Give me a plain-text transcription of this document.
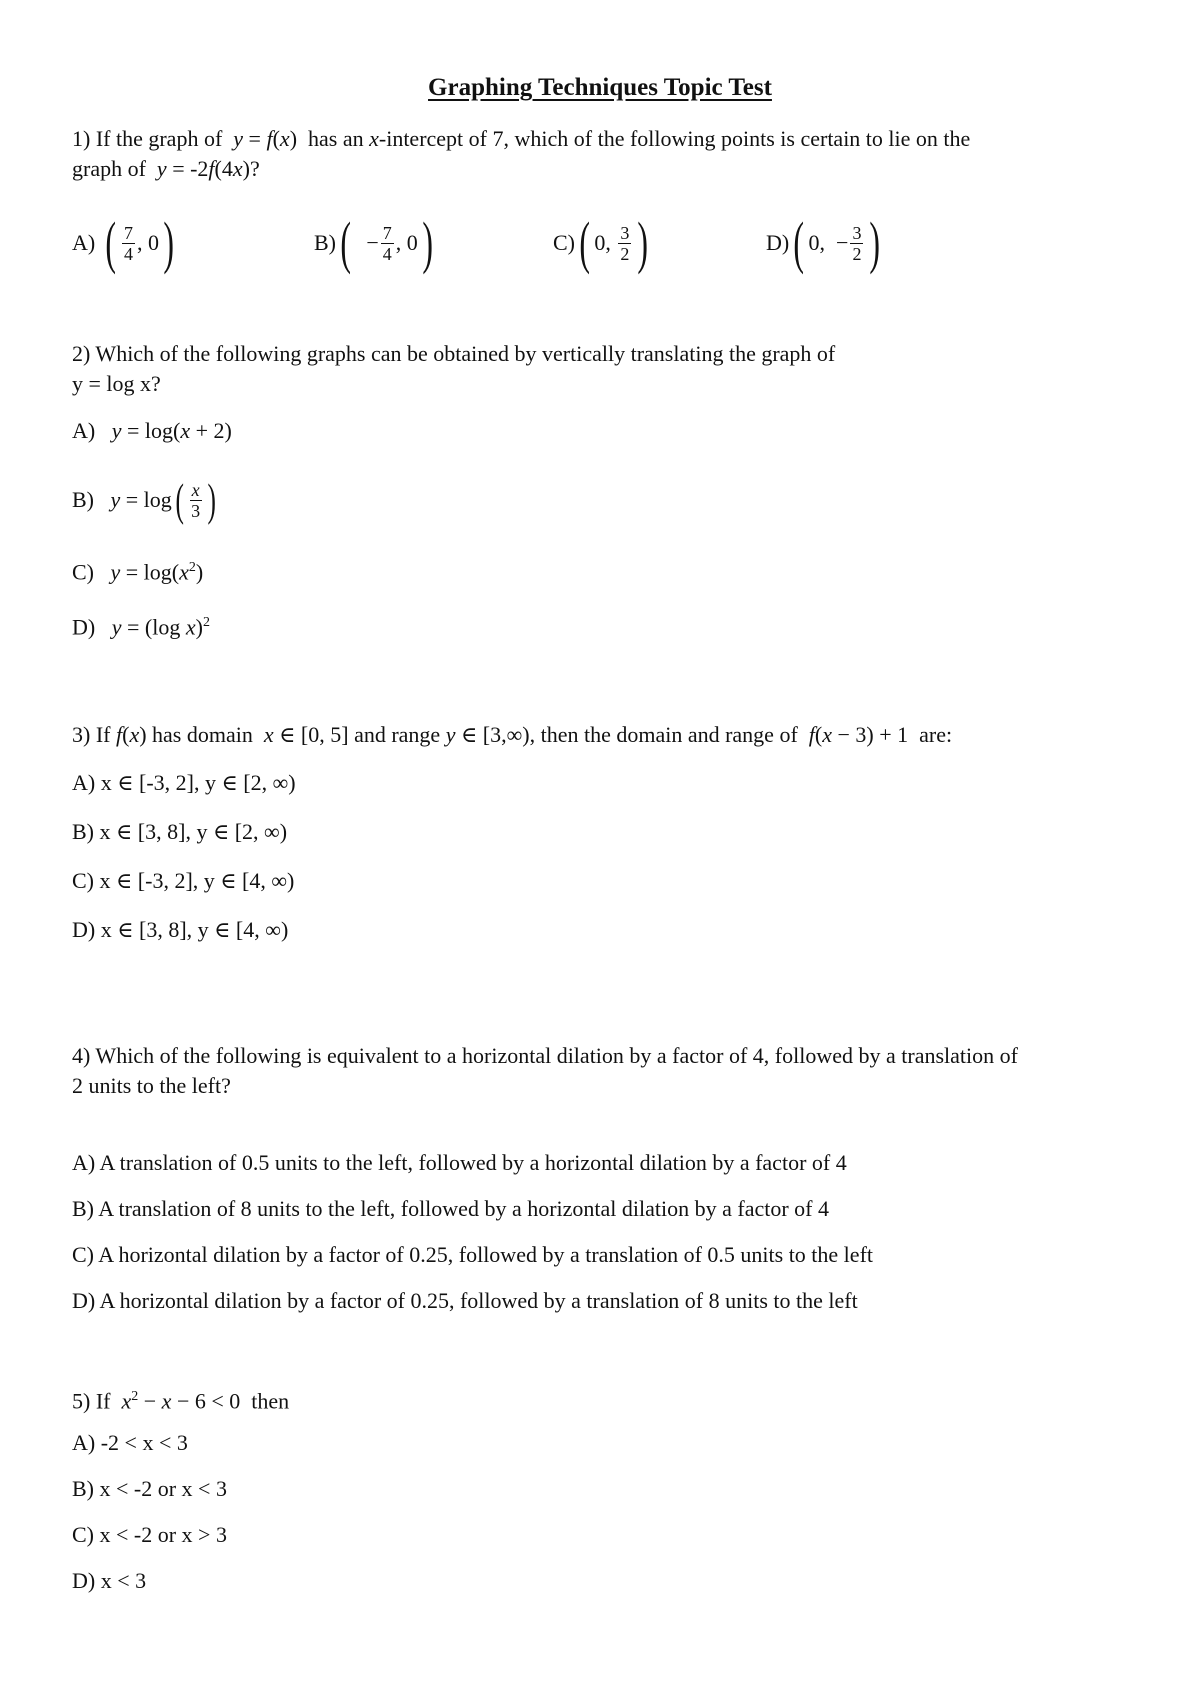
Graphing Techniques Topic Test
1) If the graph of y = f(x)  has an x-intercept of 7, which of the following points is certain to lie on the
graph of y = -2f(4x)?
A)
( $\frac{7}{4}$ , 0 )	B) ( − $\frac{7}{4}$ , 0 )	C) ( 0, $\frac{3}{2}$ )	D) ( 0,  − $\frac{3}{2}$ )
2) Which of the following graphs can be obtained by vertically translating the graph of
y = log x?
A) y = log(x + 2)
B)
y = log ( $\frac{x}{3}$ )
C) $y = \log(x^2)$
D) y = (log x)$^2$
3) If f(x) has domain x ∈ [0, 5] and range y ∈ [3,∞), then the domain and range of f(x − 3) + 1  are:
A) x ∈ [-3, 2], y ∈ [2, ∞)
B) x ∈ [3, 8], y ∈ [2, ∞)
C) x ∈ [-3, 2], y ∈ [4, ∞)
D) x ∈ [3, 8], y ∈ [4, ∞)
4) Which of the following is equivalent to a horizontal dilation by a factor of 4, followed by a translation of
2 units to the left?
A) A translation of 0.5 units to the left, followed by a horizontal dilation by a factor of 4
B) A translation of 8 units to the left, followed by a horizontal dilation by a factor of 4
C) A horizontal dilation by a factor of 0.25, followed by a translation of 0.5 units to the left
D) A horizontal dilation by a factor of 0.25, followed by a translation of 8 units to the left
5) If $x^2 - x - 6 < 0$  then
A) -2 < x < 3
B) x < -2 or x < 3
C) x < -2 or x > 3
D) x < 3
